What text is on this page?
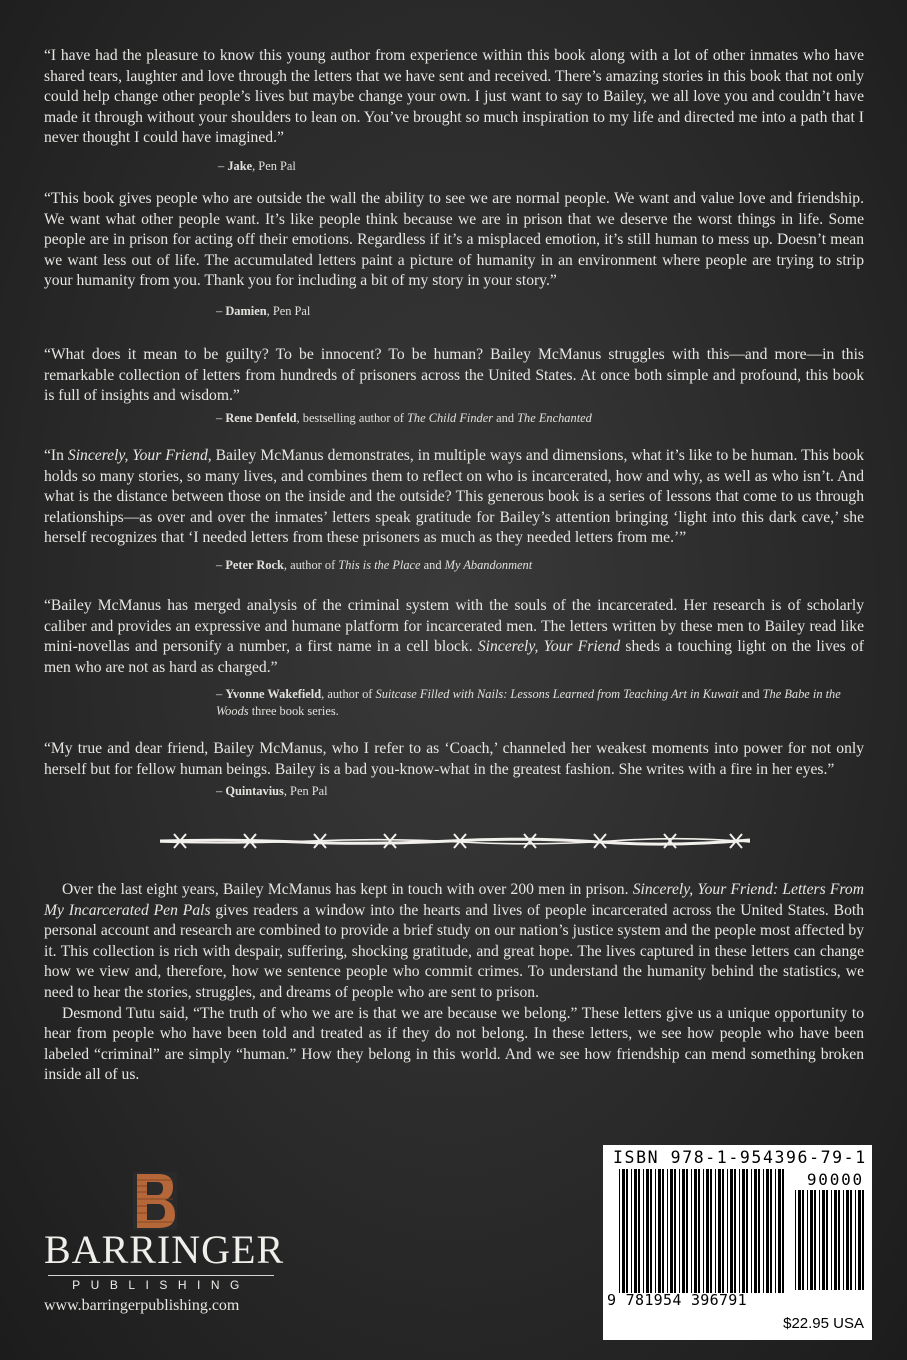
“I have had the pleasure to know this young author from experience within this book along with a lot of other inmates who have shared tears, laughter and love through the letters that we have sent and received. There’s amazing stories in this book that not only could help change other people’s lives but maybe change your own. I just want to say to Bailey, we all love you and couldn’t have made it through without your shoulders to lean on. You’ve brought so much inspiration to my life and directed me into a path that I never thought I could have imagined.”

– Jake, Pen Pal

“This book gives people who are outside the wall the ability to see we are normal people. We want and value love and friendship. We want what other people want. It’s like people think because we are in prison that we deserve the worst things in life. Some people are in prison for acting off their emotions. Regardless if it’s a misplaced emotion, it’s still human to mess up. Doesn’t mean we want less out of life. The accumulated letters paint a picture of humanity in an environment where people are trying to strip your humanity from you. Thank you for including a bit of my story in your story.”

– Damien, Pen Pal

“What does it mean to be guilty? To be innocent? To be human? Bailey McManus struggles with this—and more—in this remarkable collection of letters from hundreds of prisoners across the United States. At once both simple and profound, this book is full of insights and wisdom.”

– Rene Denfeld, bestselling author of The Child Finder and The Enchanted

“In Sincerely, Your Friend, Bailey McManus demonstrates, in multiple ways and dimensions, what it’s like to be human. This book holds so many stories, so many lives, and combines them to reflect on who is incarcerated, how and why, as well as who isn’t. And what is the distance between those on the inside and the outside? This generous book is a series of lessons that come to us through relationships—as over and over the inmates’ letters speak gratitude for Bailey’s attention bringing ‘light into this dark cave,’ she herself recognizes that ‘I needed letters from these prisoners as much as they needed letters from me.’”

– Peter Rock, author of This is the Place and My Abandonment

“Bailey McManus has merged analysis of the criminal system with the souls of the incarcerated. Her research is of scholarly caliber and provides an expressive and humane platform for incarcerated men. The letters written by these men to Bailey read like mini-novellas and personify a number, a first name in a cell block. Sincerely, Your Friend sheds a touching light on the lives of men who are not as hard as charged.”

– Yvonne Wakefield, author of Suitcase Filled with Nails: Lessons Learned from Teaching Art in Kuwait and The Babe in the Woods three book series.

“My true and dear friend, Bailey McManus, who I refer to as ‘Coach,’ channeled her weakest moments into power for not only herself but for fellow human beings. Bailey is a bad you-know-what in the greatest fashion. She writes with a fire in her eyes.”

– Quintavius, Pen Pal

Over the last eight years, Bailey McManus has kept in touch with over 200 men in prison. Sincerely, Your Friend: Letters From My Incarcerated Pen Pals gives readers a window into the hearts and lives of people incarcerated across the United States. Both personal account and research are combined to provide a brief study on our nation’s justice system and the people most affected by it. This collection is rich with despair, suffering, shocking gratitude, and great hope. The lives captured in these letters can change how we view and, therefore, how we sentence people who commit crimes. To understand the humanity behind the statistics, we need to hear the stories, struggles, and dreams of people who are sent to prison.

Desmond Tutu said, “The truth of who we are is that we are because we belong.” These letters give us a unique opportunity to hear from people who have been told and treated as if they do not belong. In these letters, we see how people who have been labeled “criminal” are simply “human.” How they belong in this world. And we see how friendship can mend something broken inside all of us.

BARRINGER
PUBLISHING
www.barringerpublishing.com
ISBN 978-1-954396-79-1
90000
9 781954 396791
$22.95 USA
